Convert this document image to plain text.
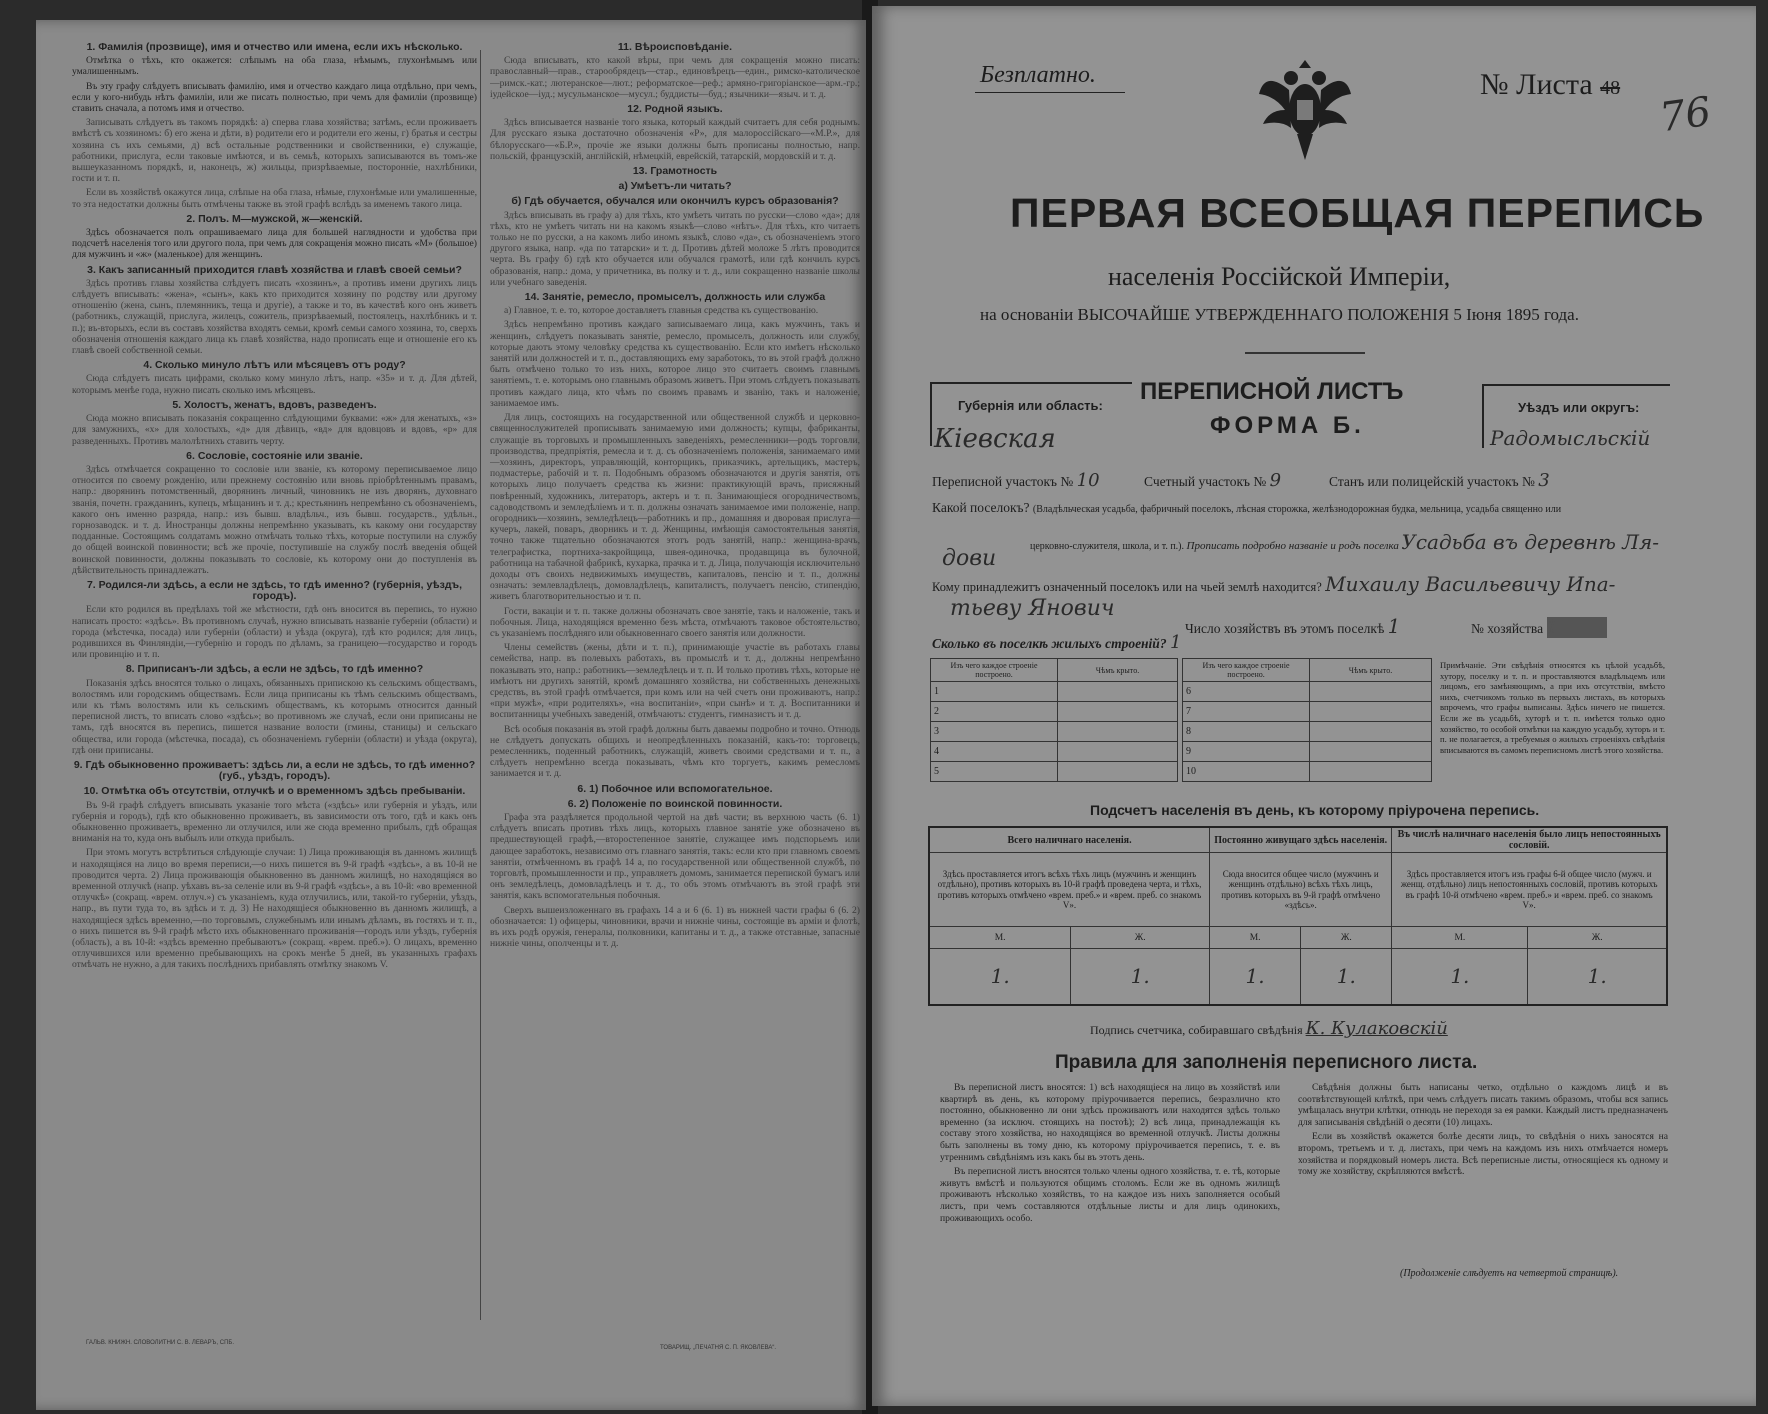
1. Фамилія (прозвище), имя и отчество или имена, если ихъ нѣсколько.

Отмѣтка о тѣхъ, кто окажется: слѣпымъ на оба глаза, нѣмымъ, глухонѣмымъ или умалишеннымъ.

Въ эту графу слѣдуетъ вписывать фамилію, имя и отчество каждаго лица отдѣльно, при чемъ, если у кого-нибудь нѣтъ фамиліи, или же писать полностью, при чемъ для фамиліи (прозвище) ставить сначала, а потомъ имя и отчество.

Записывать слѣдуетъ въ такомъ порядкѣ: а) сперва глава хозяйства; затѣмъ, если проживаетъ вмѣстѣ съ хозяиномъ: б) его жена и дѣти, в) родители его и родители его жены, г) братья и сестры хозяина съ ихъ семьями, д) всѣ остальные родственники и свойственники, е) служащіе, работники, прислуга, если таковые имѣются, и въ семьѣ, которыхъ записываются въ томъ-же вышеуказанномъ порядкѣ, и, наконецъ, ж) жильцы, призрѣваемые, посторонніе, нахлѣбники, гости и т. п.

Если въ хозяйствѣ окажутся лица, слѣпые на оба глаза, нѣмые, глухонѣмые или умалишенные, то эта недостатки должны быть отмѣчены также въ этой графѣ вслѣдъ за именемъ такого лица.

2. Полъ. М—мужской, ж—женскій.

Здѣсь обозначается полъ опрашиваемаго лица для большей наглядности и удобства при подсчетѣ населенія того или другого пола, при чемъ для сокращенія можно писать «М» (большое) для мужчинъ и «ж» (маленькое) для женщинъ.

3. Какъ записанный приходится главѣ хозяйства и главѣ своей семьи?

Здѣсь противъ главы хозяйства слѣдуетъ писать «хозяинъ», а противъ имени другихъ лицъ слѣдуетъ вписывать: «жена», «сынъ», какъ кто приходится хозяину по родству или другому отношенію (жена, сынъ, племянникъ, теща и другіе), а также и то, въ качествѣ кого онъ живетъ (работникъ, служащій, прислуга, жилецъ, сожитель, призрѣваемый, постоялецъ, нахлѣбникъ и т. п.); въ-вторыхъ, если въ составъ хозяйства входятъ семьи, кромѣ семьи самого хозяина, то, сверхъ обозначенія отношенія каждаго лица къ главѣ хозяйства, надо прописать еще и отношеніе его къ главѣ своей собственной семьи.

4. Сколько минуло лѣтъ или мѣсяцевъ отъ роду?

Сюда слѣдуетъ писать цифрами, сколько кому минуло лѣтъ, напр. «35» и т. д. Для дѣтей, которымъ менѣе года, нужно писать сколько имъ мѣсяцевъ.

5. Холостъ, женатъ, вдовъ, разведенъ.

Сюда можно вписывать показанія сокращенно слѣдующими буквами: «ж» для женатыхъ, «з» для замужнихъ, «х» для холостыхъ, «д» для дѣвицъ, «вд» для вдовцовъ и вдовъ, «р» для разведенныхъ. Противъ малолѣтнихъ ставить черту.

6. Сословіе, состояніе или званіе.

Здѣсь отмѣчается сокращенно то сословіе или званіе, къ которому переписываемое лицо относится по своему рожденію, или прежнему состоянію или вновь пріобрѣтеннымъ правамъ, напр.: дворянинъ потомственный, дворянинъ личный, чиновникъ не изъ дворянъ, духовнаго званія, почетн. гражданинъ, купецъ, мѣщанинъ и т. д.; крестьянинъ непремѣнно съ обозначеніемъ, какого онъ именно разряда, напр.: изъ бывш. владѣльч., изъ бывш. государств., удѣльн., горнозаводск. и т. д. Иностранцы должны непремѣнно указывать, къ какому они государству подданные. Состоящимъ солдатамъ можно отмѣчать только тѣхъ, которые поступили на службу до общей воинской повинности; всѣ же прочіе, поступившіе на службу послѣ введенія общей воинской повинности, должны показывать то сословіе, къ которому они до поступленія въ дѣйствительность принадлежатъ.

7. Родился-ли здѣсь, а если не здѣсь, то гдѣ именно? (губернія, уѣздъ, городъ).

Если кто родился въ предѣлахъ той же мѣстности, гдѣ онъ вносится въ перепись, то нужно написать просто: «здѣсь». Въ противномъ случаѣ, нужно вписывать названіе губерніи (области) и города (мѣстечка, посада) или губерніи (области) и уѣзда (округа), гдѣ кто родился; для лицъ, родившихся въ Финляндіи,—губернію и городъ по дѣламъ, за границею—государство и городъ или провинцію и т. п.

8. Приписанъ-ли здѣсь, а если не здѣсь, то гдѣ именно?

Показанія здѣсь вносятся только о лицахъ, обязанныхъ припискою къ сельскимъ обществамъ, волостямъ или городскимъ обществамъ. Если лица приписаны къ тѣмъ сельскимъ обществамъ, или къ тѣмъ волостямъ или къ сельскимъ обществамъ, къ которымъ относится данный переписной листъ, то вписать слово «здѣсь»; во противномъ же случаѣ, если они приписаны не тамъ, гдѣ вносятся въ перепись, пишется название волости (гмины, станицы) и сельскаго общества, или города (мѣстечка, посада), съ обозначеніемъ губерніи (области) и уѣзда (округа), гдѣ они приписаны.

9. Гдѣ обыкновенно проживаетъ: здѣсь ли, а если не здѣсь, то гдѣ именно? (губ., уѣздъ, городъ).
10. Отмѣтка объ отсутствіи, отлучкѣ и о временномъ здѣсь пребываніи.

Въ 9-й графѣ слѣдуетъ вписывать указаніе того мѣста («здѣсь» или губернія и уѣздъ, или губернія и городъ), гдѣ кто обыкновенно проживаетъ, въ зависимости отъ того, гдѣ и какъ онъ обыкновенно проживаетъ, временно ли отлучился, или же сюда временно прибылъ, гдѣ обращая вниманія на то, куда онъ выбылъ или откуда прибылъ.

При этомъ могутъ встрѣтиться слѣдующіе случаи: 1) Лица проживающія въ данномъ жилищѣ и находящіяся на лицо во время переписи,—о нихъ пишется въ 9-й графѣ «здѣсь», а въ 10-й не проводится черта. 2) Лица проживающія обыкновенно въ данномъ жилищѣ, но находящіяся во временной отлучкѣ (напр. уѣхавъ въ-за селеніе или въ 9-й графѣ «здѣсь», а въ 10-й: «во временной отлучкѣ» (сокращ. «врем. отлуч.») съ указаніемъ, куда отлучились, или, такой-то губерніи, уѣздъ, напр., въ пути туда то, въ здѣсь и т. д. 3) Не находящіеся обыкновенно въ данномъ жилищѣ, а находящіеся здѣсь временно,—по торговымъ, служебнымъ или инымъ дѣламъ, въ гостяхъ и т. п., о нихъ пишется въ 9-й графѣ мѣсто ихъ обыкновеннаго проживанія—городъ или уѣздъ, губернія (область), а въ 10-й: «здѣсь временно пребываютъ» (сокращ. «врем. преб.»). О лицахъ, временно отлучившихся или временно пребывающихъ на срокъ менѣе 5 дней, въ указанныхъ графахъ отмѣчать не нужно, а для такихъ послѣднихъ прибавлять отмѣтку знакомъ V.

ГАЛЬВ. КНИЖН. СЛОВОЛИТНИ С. В. ЛЕВАРЪ, СПБ.
11. Вѣроисповѣданіе.

Сюда вписывать, кто какой вѣры, при чемъ для сокращенія можно писать: православный—прав., старообрядецъ—стар., единовѣрецъ—един., римско-католическое—римск.-кат.; лютеранское—лют.; реформатское—реф.; армяно-григоріанское—арм.-гр.; іудейское—іуд.; мусульманское—мусул.; буддисты—буд.; язычники—языч. и т. д.

12. Родной языкъ.

Здѣсь вписывается названіе того языка, который каждый считаетъ для себя роднымъ. Для русскаго языка достаточно обозначенія «Р», для малороссійскаго—«М.Р.», для бѣлорусскаго—«Б.Р.», прочіе же языки должны быть прописаны полностью, напр. польскій, французскій, англійскій, нѣмецкій, еврейскій, татарскій, мордовскій и т. д.

13. Грамотность
а) Умѣетъ-ли читать?
б) Гдѣ обучается, обучался или окончилъ курсъ образованія?

Здѣсь вписывать въ графу а) для тѣхъ, кто умѣетъ читать по русски—слово «да»; для тѣхъ, кто не умѣетъ читать ни на какомъ языкѣ—слово «нѣтъ». Для тѣхъ, кто читаетъ только не по русски, а на какомъ либо иномъ языкѣ, слово «да», съ обозначеніемъ этого другого языка, напр. «да по татарски» и т. д. Противъ дѣтей моложе 5 лѣтъ проводится черта. Въ графу б) гдѣ кто обучается или обучался грамотѣ, или гдѣ кончилъ курсъ образованія, напр.: дома, у причетника, въ полку и т. д., или сокращенно названіе школы или учебнаго заведенія.

14. Занятіе, ремесло, промыселъ, должность или служба

а) Главное, т. е. то, которое доставляетъ главныя средства къ существованію.

Здѣсь непремѣнно противъ каждаго записываемаго лица, какъ мужчинъ, такъ и женщинъ, слѣдуетъ показывать занятіе, ремесло, промыселъ, должность или службу, которые даютъ этому человѣку средства къ существованію. Если кто имѣетъ нѣсколько занятій или должностей и т. п., доставляющихъ ему заработокъ, то въ этой графѣ должно быть отмѣчено только то изъ нихъ, которое лицо это считаетъ своимъ главнымъ занятіемъ, т. е. которымъ оно главнымъ образомъ живетъ. При этомъ слѣдуетъ показывать противъ каждаго лица, кто чѣмъ по своимъ правамъ и званію, такъ и наложеніе, занимаемое имъ.

Для лицъ, состоящихъ на государственной или общественной службѣ и церковно-священнослужителей прописывать занимаемую ими должность; купцы, фабриканты, служащіе въ торговыхъ и промышленныхъ заведеніяхъ, ремесленники—родъ торговли, производства, предпріятія, ремесла и т. д. съ обозначеніемъ положенія, занимаемаго ими—хозяинъ, директоръ, управляющій, конторщикъ, приказчикъ, артельщикъ, мастеръ, подмастерье, рабочій и т. п. Подобнымъ образомъ обозначаются и другія занятія, отъ которыхъ лицо получаетъ средства къ жизни: практикующій врачъ, присяжный повѣренный, художникъ, литераторъ, актеръ и т. п. Занимающіеся огородничествомъ, садоводствомъ и земледѣліемъ и т. п. должны означать занимаемое ими положеніе, напр. огородникъ—хозяинъ, земледѣлецъ—работникъ и пр., домашняя и дворовая прислуга—кучеръ, лакей, поваръ, дворникъ и т. д. Женщины, имѣющія самостоятельныя занятія, точно также тщательно обозначаются этотъ родъ занятій, напр.: женщина-врачъ, телеграфистка, портниха-закройщица, швея-одиночка, продавщица въ булочной, работница на табачной фабрикѣ, кухарка, прачка и т. д. Лица, получающія исключительно доходы отъ своихъ недвижимыхъ имуществъ, капиталовъ, пенсію и т. п., должны означать: землевладѣлецъ, домовладѣлецъ, капиталистъ, получаетъ пенсію, стипендію, живетъ благотворительностью и т. п.

Гости, вакаціи и т. п. также должны обозначать свое занятіе, такъ и наложеніе, такъ и побочныя. Лица, находящіяся временно безъ мѣста, отмѣчаютъ таковое обстоятельство, съ указаніемъ послѣдняго или обыкновеннаго своего занятія или должности.

Члены семействъ (жены, дѣти и т. п.), принимающіе участіе въ работахъ главы семейства, напр. въ полевыхъ работахъ, въ промыслѣ и т. д., должны непремѣнно показывать это, напр.: работникъ—земледѣлецъ и т. п. И только противъ тѣхъ, которые не имѣютъ ни другихъ занятій, кромѣ домашняго хозяйства, ни собственныхъ денежныхъ средствъ, въ этой графѣ отмѣчается, при комъ или на чей счетъ они проживаютъ, напр.: «при мужѣ», «при родителяхъ», «на воспитаніи», «при сынѣ» и т. д. Воспитанники и воспитанницы учебныхъ заведеній, отмѣчаютъ: студентъ, гимназистъ и т. д.

Всѣ особыя показанія въ этой графѣ должны быть даваемы подробно и точно. Отнюдь не слѣдуетъ допускать общихъ и неопредѣленныхъ показаній, какъ-то: торговецъ, ремесленникъ, поденный работникъ, служащій, живетъ своими средствами и т. п., а слѣдуетъ непремѣнно всегда показывать, чѣмъ кто торгуетъ, какимъ ремесломъ занимается и т. д.

6. 1) Побочное или вспомогательное.
6. 2) Положеніе по воинской повинности.

Графа эта раздѣляется продольной чертой на двѣ части; въ верхнюю часть (6. 1) слѣдуетъ вписать противъ тѣхъ лицъ, которыхъ главное занятіе уже обозначено въ предшествующей графѣ,—второстепенное занятіе, служащее имъ подспорьемъ или дающее заработокъ, независимо отъ главнаго занятія, такъ: если кто при главномъ своемъ занятіи, отмѣченномъ въ графѣ 14 а, по государственной или общественной службѣ, по торговлѣ, промышленности и пр., управляетъ домомъ, занимается перепиской бумагъ или онъ земледѣлецъ, домовладѣлецъ и т. д., то объ этомъ отмѣчаютъ въ этой графѣ эти занятія, какъ вспомогательныя побочныя.

Сверхъ вышеизложеннаго въ графахъ 14 а и 6 (6. 1) въ нижней части графы 6 (6. 2) обозначается: 1) офицеры, чиновники, врачи и нижніе чины, состоящіе въ арміи и флотѣ, въ ихъ родѣ оружія, генералы, полковники, капитаны и т. д., а также отставные, запасные нижніе чины, ополченцы и т. д.

ТОВАРИЩ. „ПЕЧАТНЯ С. П. ЯКОВЛЕВА“.
Безплатно.	№ Листа 48
76
ПЕРВАЯ ВСЕОБЩАЯ ПЕРЕПИСЬ
населенія Россійской Имперіи,
на основаніи ВЫСОЧАЙШЕ УТВЕРЖДЕННАГО ПОЛОЖЕНІЯ 5 Іюня 1895 года.
ПЕРЕПИСНОЙ ЛИСТЪ
ФОРМА Б.
Губернія или область:
Кіевская
Уѣздъ или округъ:
Радомысльскій
Переписной участокъ № 10	Счетный участокъ № 9	Станъ или полицейскій участокъ № 3
Какой поселокъ? (Владѣльческая усадьба, фабричный поселокъ, лѣсная сторожка, желѣзнодорожная будка, мельница, усадьба священно или
церковно-служителя, школа, и т. п.). Прописать подробно названіе и родъ поселка Усадьба въ деревнѣ Ля-
дови
Кому принадлежитъ означенный поселокъ или на чьей землѣ находится? Михаилу Васильевичу Ипа-
тьеву Янович
Число хозяйствъ въ этомъ поселкѣ 1	№ хозяйства 1
Сколько въ поселкѣ жилыхъ строеній? 1
Изъ чего каждое строеніе построено.	Чѣмъ крыто.
1	
2	
3	
4	
5	
Изъ чего каждое строеніе построено.	Чѣмъ крыто.
6	
7	
8	
9	
10	
Примѣчаніе. Эти свѣдѣнія относятся къ цѣлой усадьбѣ, хутору, поселку и т. п. и проставляются владѣльцемъ или лицомъ, его замѣняющимъ, а при ихъ отсутствіи, вмѣсто нихъ, счетчикомъ только въ первыхъ листахъ, въ которыхъ впрочемъ, что графы выписаны. Здѣсь ничего не пишется. Если же въ усадьбѣ, хуторѣ и т. п. имѣется только одно хозяйство, то особой отмѣтки на каждую усадьбу, хуторъ и т. п. не полагается, а требуемыя о жилыхъ строеніяхъ свѣдѣнія вписываются въ самомъ переписномъ листѣ этого хозяйства.
Подсчетъ населенія въ день, къ которому пріурочена перепись.
Всего наличнаго населенія.		Постоянно живущаго здѣсь населенія.		Въ числѣ наличнаго населенія было лицъ непостоянныхъ сословій.	
Здѣсь проставляется итогъ всѣхъ тѣхъ лицъ (мужчинъ и женщинъ отдѣльно), противъ которыхъ въ 10-й графѣ проведена черта, и тѣхъ, противъ которыхъ отмѣчено «врем. преб.» и «врем. преб. со знакомъ V».		Сюда вносится общее число (мужчинъ и женщинъ отдѣльно) всѣхъ тѣхъ лицъ, противъ которыхъ въ 9-й графѣ отмѣчено «здѣсь».		Здѣсь проставляется итогъ изъ графы 6-й общее число (мужч. и женщ. отдѣльно) лицъ непостоянныхъ сословій, противъ которыхъ въ графѣ 10-й отмѣчено «врем. преб.» и «врем. преб. со знакомъ V».	
М.	Ж.	М.	Ж.	М.	Ж.
1.	1.	1.	1.	1.	1.
Подпись счетчика, собиравшаго свѣдѣнія К. Кулаковскій
Правила для заполненія переписного листа.

Въ переписной листъ вносятся: 1) всѣ находящіеся на лицо въ хозяйствѣ или квартирѣ въ день, къ которому пріурочивается перепись, безразлично кто постоянно, обыкновенно ли они здѣсь проживаютъ или находятся здѣсь только временно (за исключ. стоящихъ на постоѣ); 2) всѣ лица, принадлежащія къ составу этого хозяйства, но находящіяся во временной отлучкѣ. Листы должны быть заполнены въ тому дню, къ которому пріурочивается перепись, т. е. въ утреннимъ свѣдѣніямъ изъ какъ бы въ этотъ день.

Въ переписной листъ вносятся только члены одного хозяйства, т. е. тѣ, которые живутъ вмѣстѣ и пользуются общимъ столомъ. Если же въ одномъ жилищѣ проживаютъ нѣсколько хозяйствъ, то на каждое изъ нихъ заполняется особый листъ, при чемъ составляются отдѣльные листы и для лицъ одинокихъ, проживающихъ особо.

Свѣдѣнія должны быть написаны четко, отдѣльно о каждомъ лицѣ и въ соотвѣтствующей клѣткѣ, при чемъ слѣдуетъ писать такимъ образомъ, чтобы вся запись умѣщалась внутри клѣтки, отнюдь не переходя за ея рамки. Каждый листъ предназначенъ для записыванія свѣдѣній о десяти (10) лицахъ.

Если въ хозяйствѣ окажется болѣе десяти лицъ, то свѣдѣнія о нихъ заносятся на второмъ, третьемъ и т. д. листахъ, при чемъ на каждомъ изъ нихъ отмѣчается номеръ хозяйства и порядковый номеръ листа. Всѣ переписные листы, относящіеся къ одному и тому же хозяйству, скрѣпляются вмѣстѣ.

(Продолженіе слѣдуетъ на четвертой страницѣ).
